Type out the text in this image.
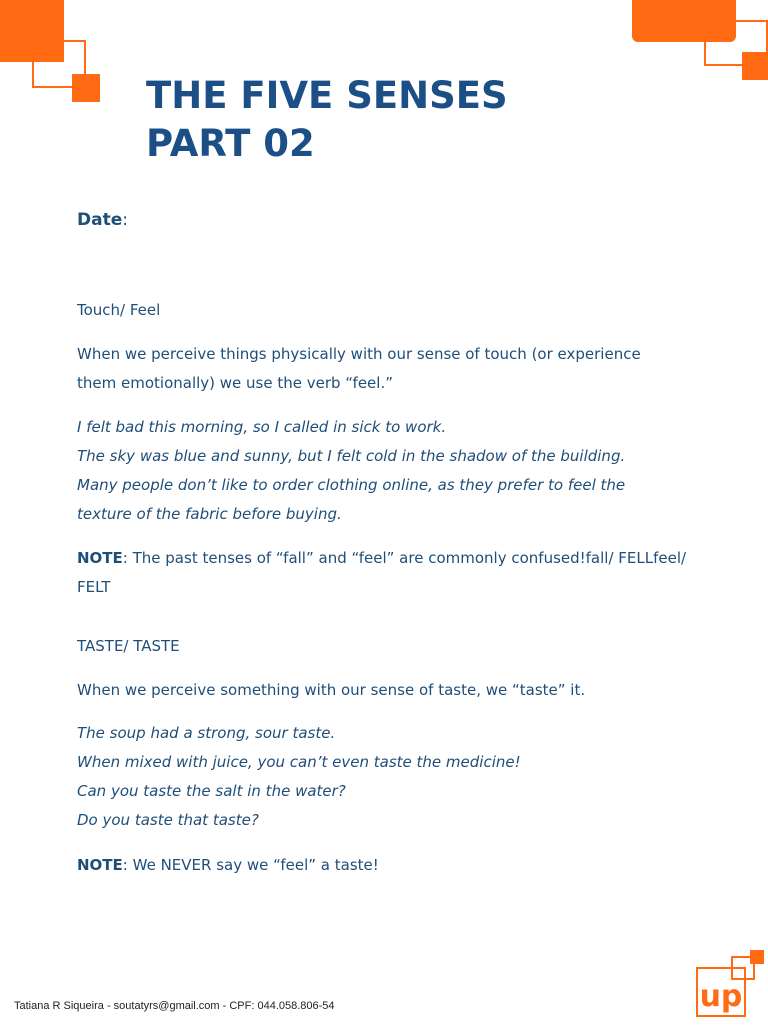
THE FIVE SENSES
PART 02

Date:

Touch/ Feel

When we perceive things physically with our sense of touch (or experience
them emotionally) we use the verb “feel.”

I felt bad this morning, so I called in sick to work.
The sky was blue and sunny, but I felt cold in the shadow of the building.
Many people don’t like to order clothing online, as they prefer to feel the
texture of the fabric before buying.

NOTE: The past tenses of “fall” and “feel” are commonly confused!fall/ FELLfeel/
FELT

TASTE/ TASTE

When we perceive something with our sense of taste, we “taste” it.

The soup had a strong, sour taste.
When mixed with juice, you can’t even taste the medicine!
Can you taste the salt in the water?
Do you taste that taste?

NOTE: We NEVER say we “feel” a taste!

Tatiana R Siqueira - soutatyrs@gmail.com - CPF: 044.058.806-54	up
